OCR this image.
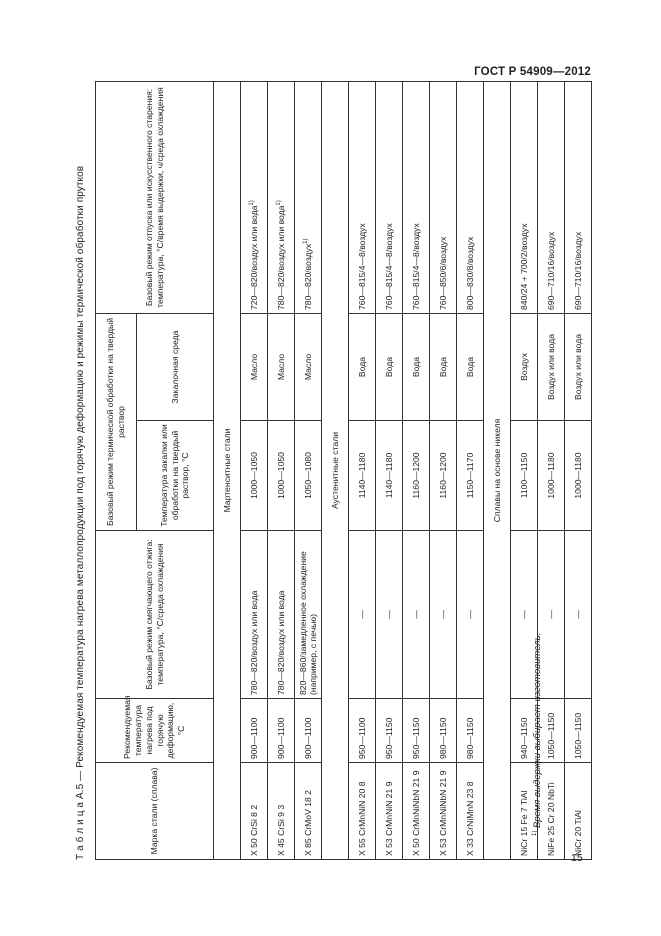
ГОСТ Р 54909—2012
Т а б л и ц а А.5 — Рекомендуемая температура нагрева металлопродукции под горячую деформацию и режимы термической обработки прутков
Марка стали (сплава)	Рекомендуемая температура нагрева под горячую деформацию, °С	Базовый режим смягчающего отжига: температура, °С/среда охлаждения	Базовый режим термической обработки на твердый раствор		Базовый режим отпуска или искусственного старения: температура, °С/время выдержки, ч/среда охлаждения
			Температура закалки или обработки на твердый раствор, °С	Закалочная среда	
Мартенситные стали					
X 50 CrSi 8 2	900—1100	780—820/воздух или вода	1000—1050	Масло	720—820/воздух или вода$^{1)}$
X 45 CrSi 9 3	900—1100	780—820/воздух или вода	1000—1050	Масло	780—820/воздух или вода$^{1)}$
X 85 CrMoV 18 2	900—1100	820—860/замедленное охлаждение (например, с печью)	1050—1080	Масло	780—820/воздух$^{1)}$
Аустенитные стали					
X 55 CrMnNiN 20 8	950—1100	—	1140—1180	Вода	760—815/4—8/воздух
X 53 CrMnNiN 21 9	950—1150	—	1140—1180	Вода	760—815/4—8/воздух
X 50 CrMnNiNbN 21 9	950—1150	—	1160—1200	Вода	760—815/4—8/воздух
X 53 CrMnNiNbN 21 9	980—1150	—	1160—1200	Вода	760—850/6/воздух
X 33 CrNiMnN 23 8	980—1150	—	1150—1170	Вода	800—830/8/воздух
Сплавы на основе никеля					
NiCr 15 Fe 7 TiAl	940—1150	—	1100—1150	Воздух	840/24 + 700/2/воздух
NiFe 25 Cr 20 NbTi	1050—1150	—	1000—1180	Воздух или вода	690—710/16/воздух
NiCr 20 TiAl	1050—1150	—	1000—1180	Воздух или вода	690—710/16/воздух
$^{1)}$ Время выдержки выбирает изготовитель.
15
